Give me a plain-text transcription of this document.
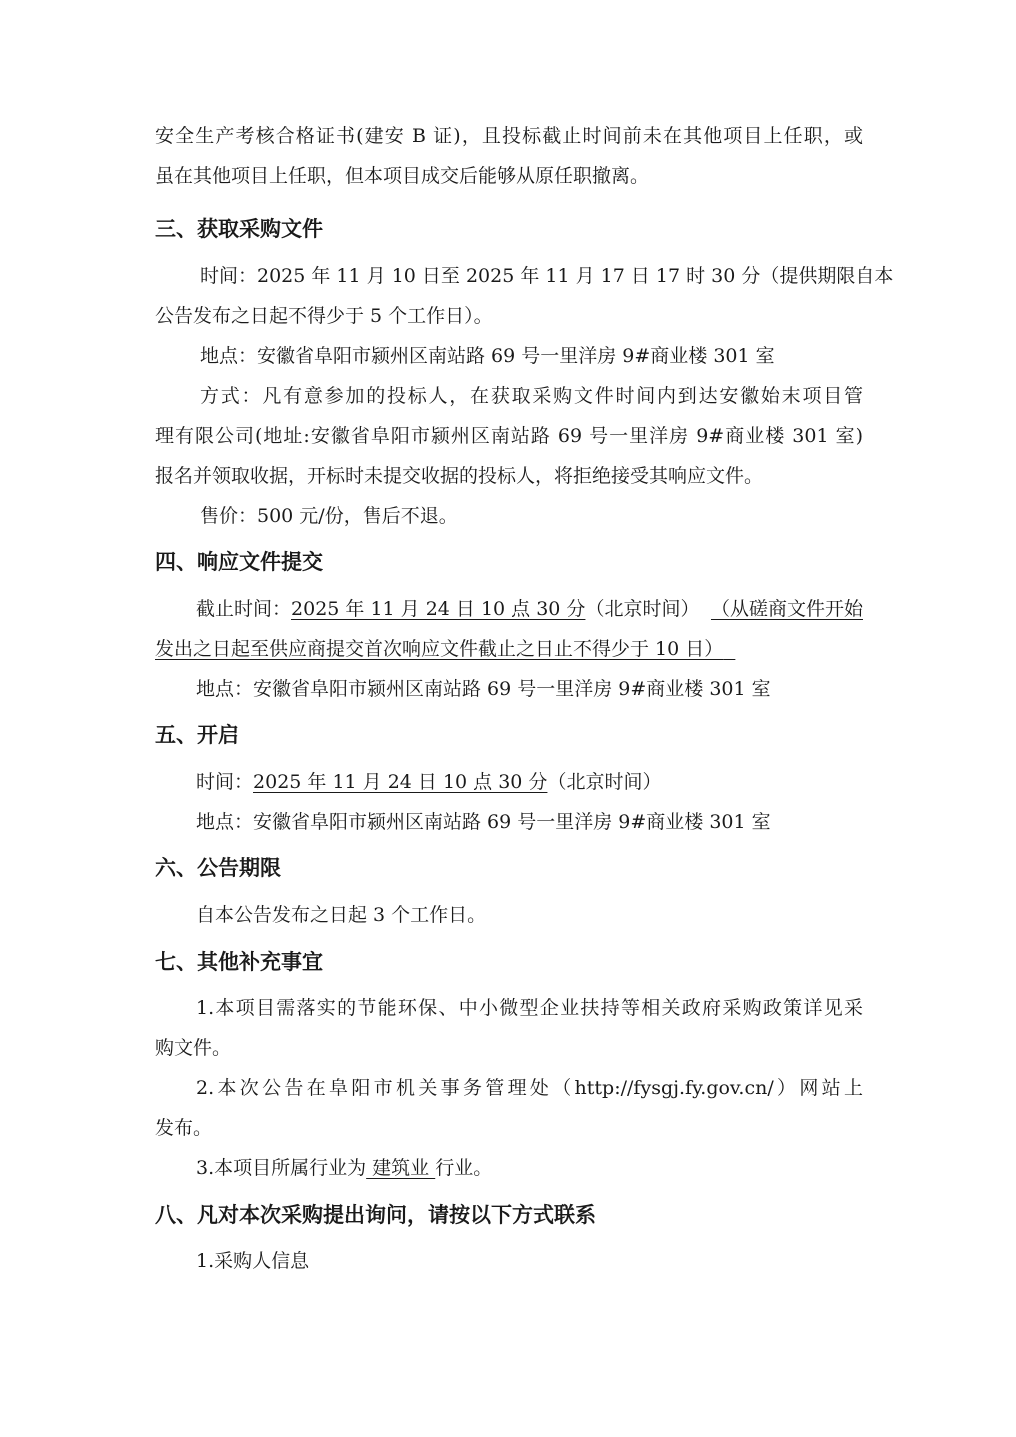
安全生产考核合格证书(建安 B 证)，且投标截止时间前未在其他项目上任职，或
虽在其他项目上任职，但本项目成交后能够从原任职撤离。
三、获取采购文件
时间：2025 年 11 月 10 日至 2025 年 11 月 17 日 17 时 30 分（提供期限自本
公告发布之日起不得少于 5 个工作日）。
地点：安徽省阜阳市颍州区南站路 69 号一里洋房 9#商业楼 301 室
方式：凡有意参加的投标人，在获取采购文件时间内到达安徽始末项目管
理有限公司(地址:安徽省阜阳市颍州区南站路 69 号一里洋房 9#商业楼 301 室)
报名并领取收据，开标时未提交收据的投标人，将拒绝接受其响应文件。
售价：500 元/份，售后不退。
四、响应文件提交
截止时间：2025 年 11 月 24 日 10 点 30 分（北京时间） （从磋商文件开始
发出之日起至供应商提交首次响应文件截止之日止不得少于 10 日）
地点：安徽省阜阳市颍州区南站路 69 号一里洋房 9#商业楼 301 室
五、开启
时间：2025 年 11 月 24 日 10 点 30 分（北京时间）
地点：安徽省阜阳市颍州区南站路 69 号一里洋房 9#商业楼 301 室
六、公告期限
自本公告发布之日起 3 个工作日。
七、其他补充事宜
1.本项目需落实的节能环保、中小微型企业扶持等相关政府采购政策详见采
购文件。
2.本次公告在阜阳市机关事务管理处（http://fysgj.fy.gov.cn/）网站上
发布。
3.本项目所属行业为 建筑业 行业。
八、凡对本次采购提出询问，请按以下方式联系
1.采购人信息
